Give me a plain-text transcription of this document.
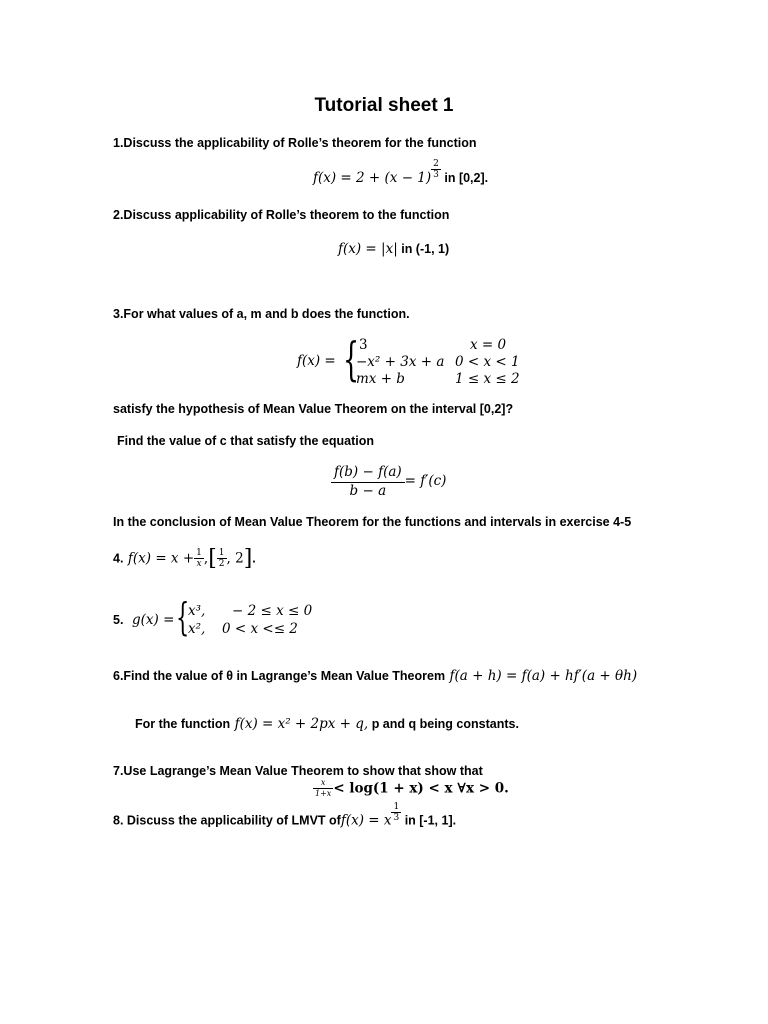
Tutorial sheet 1
1.Discuss the applicability of Rolle’s theorem for the function
$f(x) = 2 + (x - 1) \frac{2}{3}$ in [0,2].
2.Discuss applicability of Rolle’s theorem to the function
f(x) = |x| in (-1, 1)
3.For what values of a, m and b does the function.
f(x) = { 3
−x² + 3x + a
mx + b
x = 0
0 < x < 1
1 ≤ x ≤ 2
satisfy the hypothesis of Mean Value Theorem on the interval [0,2]?
Find the value of c that satisfy the equation
$\frac{f(b) - f(a)}{b - a} = f'(c)$
In the conclusion of Mean Value Theorem for the functions and intervals in exercise 4-5
4. $f(x) = x + \frac{1}{x}$ ,[ $\frac{1}{2}$ , 2].
5. g(x) = {
x³,
x²,
− 2 ≤ x ≤ 0
0 < x <≤ 2
6.Find the value of θ in Lagrange’s Mean Value Theorem f(a + h) = f(a) + hf′(a + θh)
For the function f(x) = x² + 2px + q, p and q being constants.
7.Use Lagrange’s Mean Value Theorem to show that show that
$\frac{x}{1+x} < \log(1 + x) < x$ ∀x > 0.
8. Discuss the applicability of LMVT off(x) = x $\frac{1}{3}$ in [-1, 1].
